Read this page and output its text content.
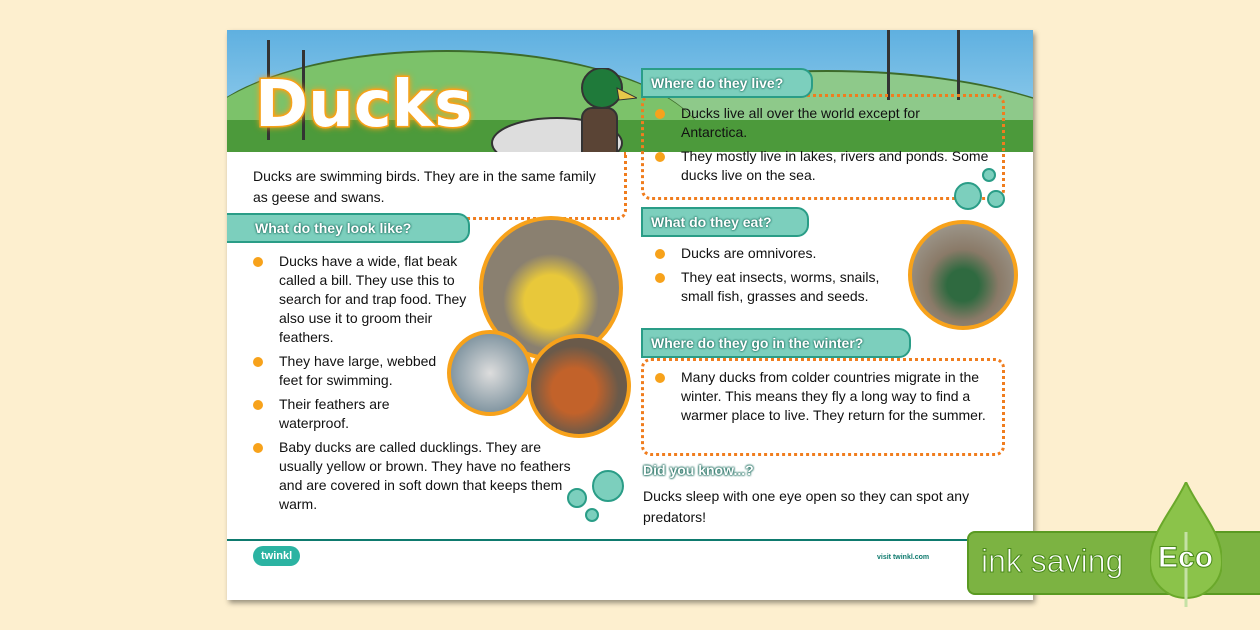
Ducks
Ducks are swimming birds. They are in the same family as geese and swans.
What do they look like?
Ducks have a wide, flat beak called a bill. They use this to search for and trap food. They also use it to groom their feathers.
They have large, webbed feet for swimming.
Their feathers are waterproof.
Baby ducks are called ducklings. They are usually yellow or brown. They have no feathers and are covered in soft down that keeps them warm.
Where do they live?
Ducks live all over the world except for Antarctica.
They mostly live in lakes, rivers and ponds. Some ducks live on the sea.
What do they eat?
Ducks are omnivores.
They eat insects, worms, snails, small fish, grasses and seeds.
Where do they go in the winter?
Many ducks from colder countries migrate in the winter. This means they fly a long way to find a warmer place to live. They return for the summer.
Did you know...?
Ducks sleep with one eye open so they can spot any predators!
twinkl	visit twinkl.com ink saving Eco
